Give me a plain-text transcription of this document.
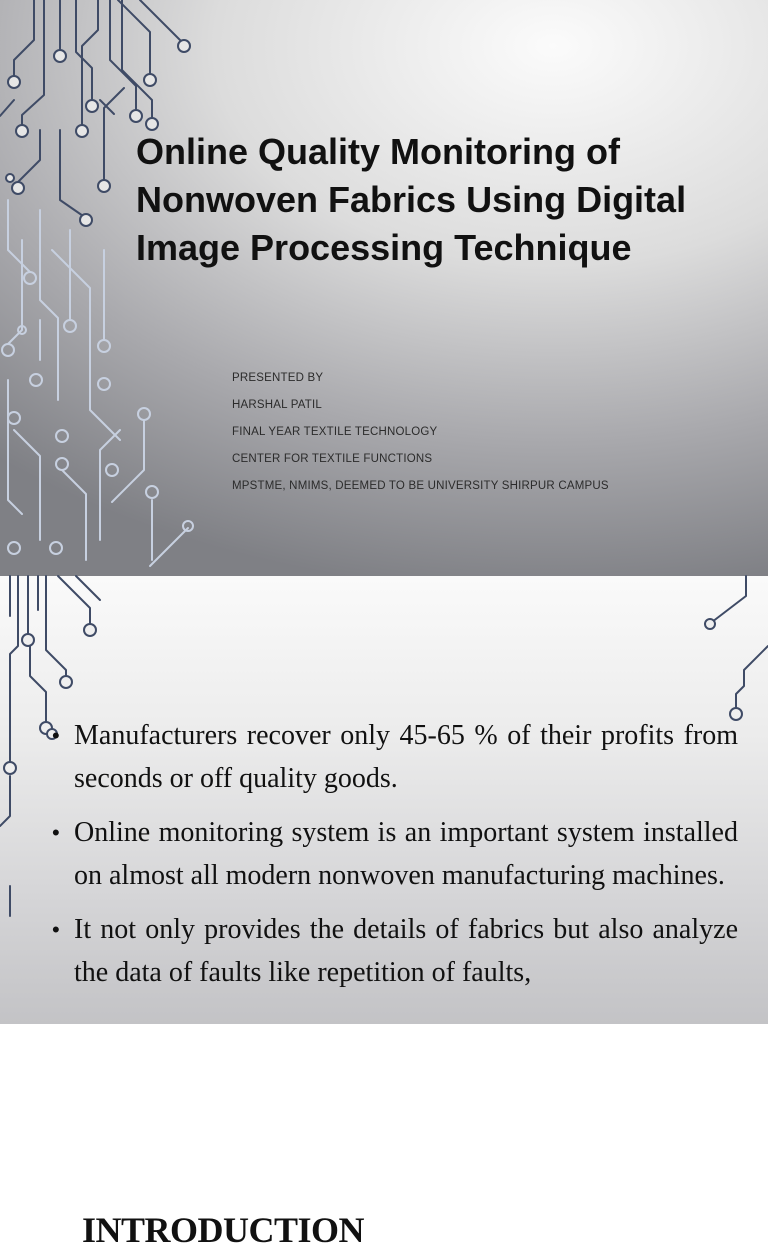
Online Quality Monitoring of Nonwoven Fabrics Using Digital Image Processing Technique
PRESENTED BY
HARSHAL PATIL
FINAL YEAR TEXTILE TECHNOLOGY
CENTER FOR TEXTILE FUNCTIONS
MPSTME, NMIMS, DEEMED TO BE UNIVERSITY SHIRPUR CAMPUS
INTRODUCTION
• Manufacturers recover only 45-65 % of their profits from seconds or off quality goods.
• Online monitoring system is an important system installed on almost all modern nonwoven manufacturing machines.
• It not only provides the details of fabrics but also analyze the data of faults like repetition of faults,
